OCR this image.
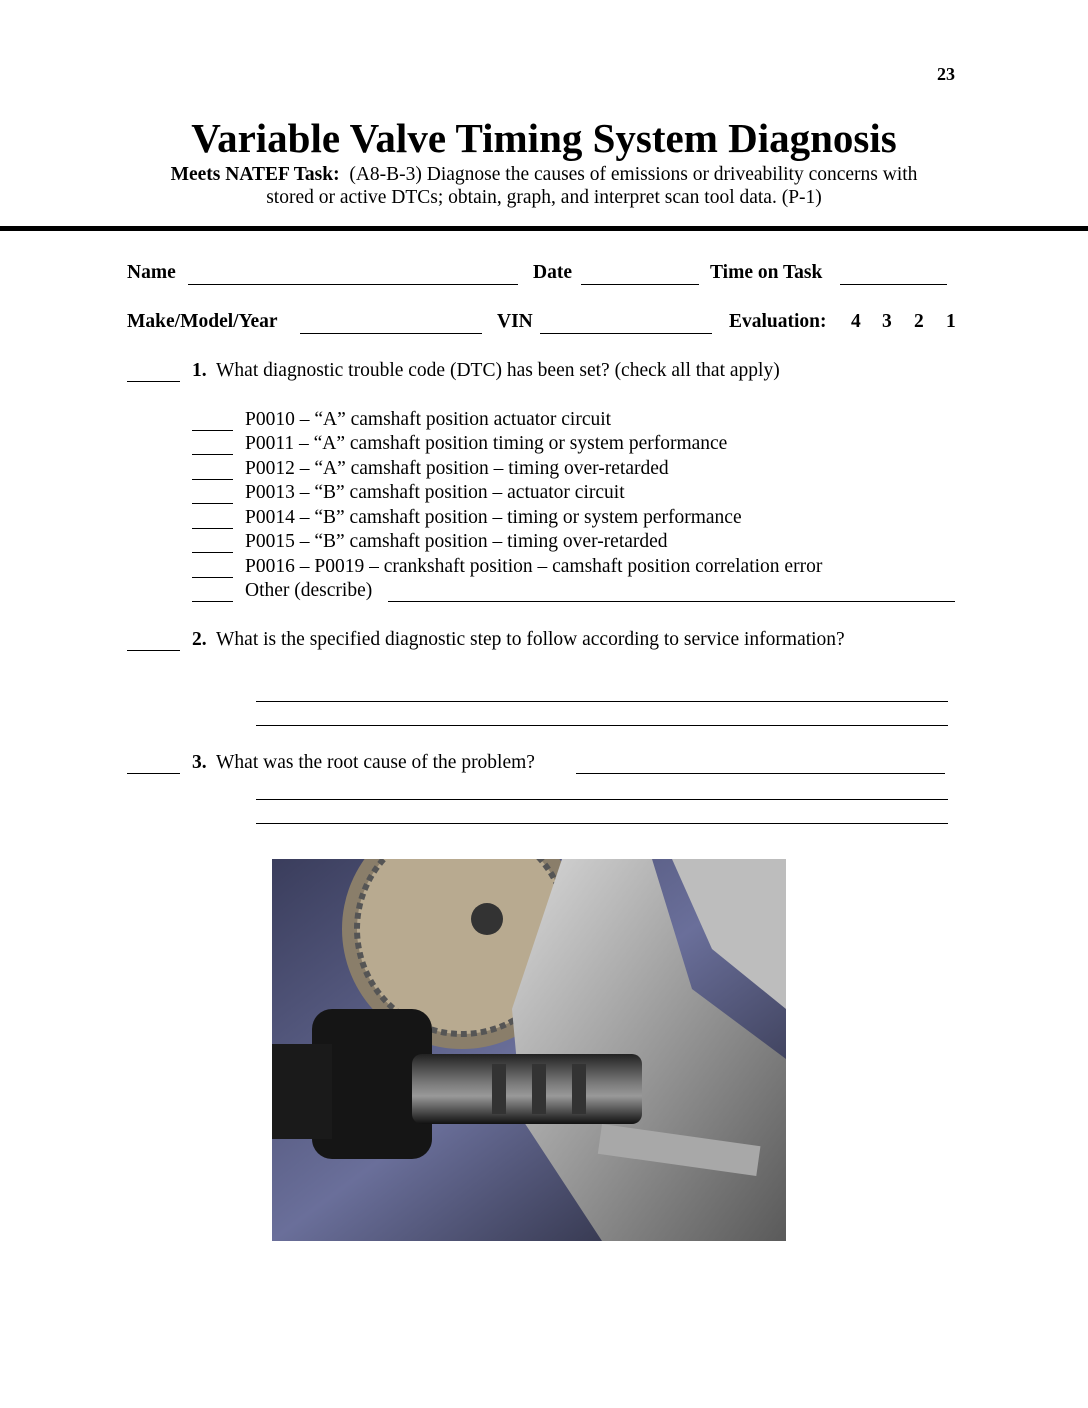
23
Variable Valve Timing System Diagnosis
Meets NATEF Task: (A8-B-3) Diagnose the causes of emissions or driveability concerns with
stored or active DTCs; obtain, graph, and interpret scan tool data. (P-1)
Name	Date	Time on Task
Make/Model/Year	VIN	Evaluation: 4 3 2 1
1. What diagnostic trouble code (DTC) has been set? (check all that apply)
P0010 – “A” camshaft position actuator circuit
P0011 – “A” camshaft position timing or system performance
P0012 – “A” camshaft position – timing over-retarded
P0013 – “B” camshaft position – actuator circuit
P0014 – “B” camshaft position – timing or system performance
P0015 – “B” camshaft position – timing over-retarded
P0016 – P0019 – crankshaft position – camshaft position correlation error
Other (describe)
2. What is the specified diagnostic step to follow according to service information?
3. What was the root cause of the problem?
